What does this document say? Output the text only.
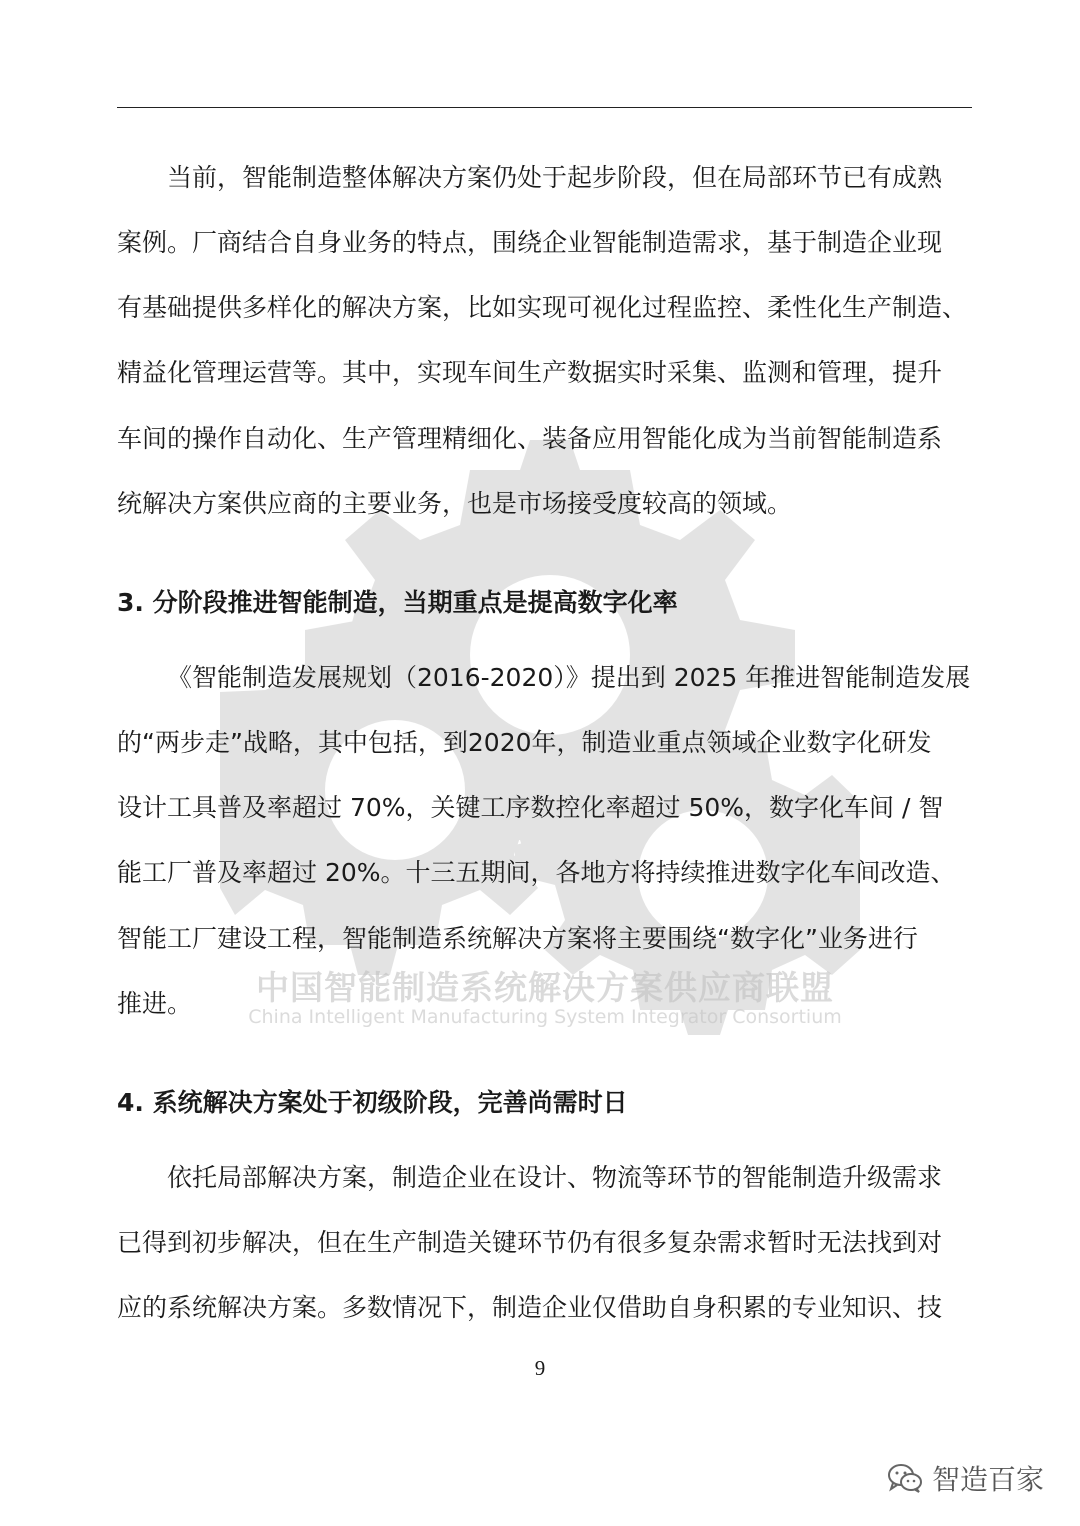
中国智能制造系统解决方案供应商联盟
China Intelligent Manufacturing System Integrator Consortium
当前，智能制造整体解决方案仍处于起步阶段，但在局部环节已有成熟
案例。厂商结合自身业务的特点，围绕企业智能制造需求，基于制造企业现
有基础提供多样化的解决方案，比如实现可视化过程监控、柔性化生产制造、
精益化管理运营等。其中，实现车间生产数据实时采集、监测和管理，提升
车间的操作自动化、生产管理精细化、装备应用智能化成为当前智能制造系
统解决方案供应商的主要业务，也是市场接受度较高的领域。
3. 分阶段推进智能制造，当期重点是提高数字化率
《智能制造发展规划（2016-2020）》提出到 2025 年推进智能制造发展
的“两步走”战略，其中包括，到2020年，制造业重点领域企业数字化研发
设计工具普及率超过 70%，关键工序数控化率超过 50%，数字化车间 / 智
能工厂普及率超过 20%。十三五期间，各地方将持续推进数字化车间改造、
智能工厂建设工程，智能制造系统解决方案将主要围绕“数字化”业务进行
推进。
4. 系统解决方案处于初级阶段，完善尚需时日
依托局部解决方案，制造企业在设计、物流等环节的智能制造升级需求
已得到初步解决，但在生产制造关键环节仍有很多复杂需求暂时无法找到对
应的系统解决方案。多数情况下，制造企业仅借助自身积累的专业知识、技
9
智造百家
